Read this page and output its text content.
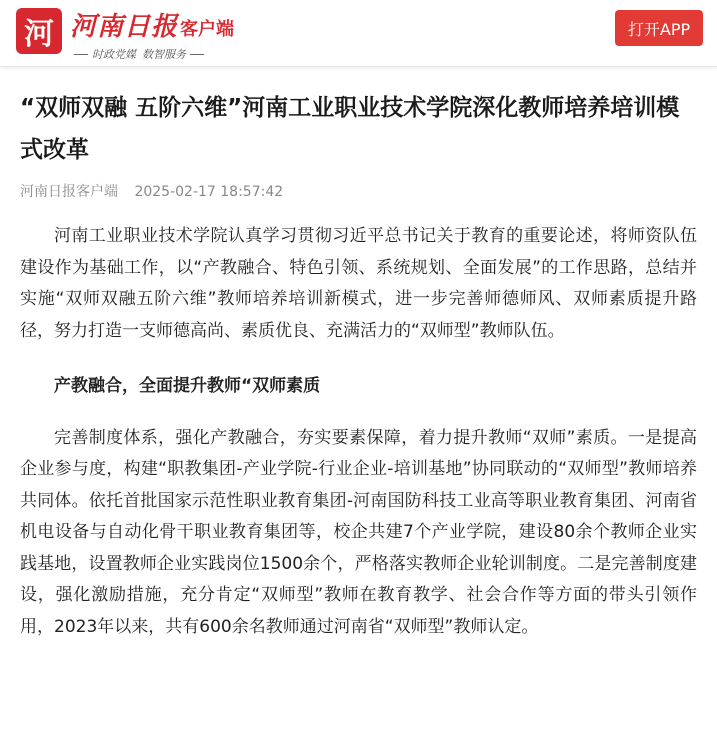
河 河南日报 客户端
时政党媒 数智服务
打开APP
“双师双融 五阶六维”河南工业职业技术学院深化教师培养培训模式改革
河南日报客户端 2025-02-17 18:57:42

河南工业职业技术学院认真学习贯彻习近平总书记关于教育的重要论述，将师资队伍建设作为基础工作，以“产教融合、特色引领、系统规划、全面发展”的工作思路，总结并实施“双师双融五阶六维”教师培养培训新模式，进一步完善师德师风、双师素质提升路径，努力打造一支师德高尚、素质优良、充满活力的“双师型”教师队伍。

产教融合，全面提升教师“双师素质

完善制度体系，强化产教融合，夯实要素保障，着力提升教师“双师”素质。一是提高企业参与度，构建“职教集团-产业学院-行业企业-培训基地”协同联动的“双师型”教师培养共同体。依托首批国家示范性职业教育集团-河南国防科技工业高等职业教育集团、河南省机电设备与自动化骨干职业教育集团等，校企共建7个产业学院，建设80余个教师企业实践基地，设置教师企业实践岗位1500余个，严格落实教师企业轮训制度。二是完善制度建设，强化激励措施，充分肯定“双师型”教师在教育教学、社会合作等方面的带头引领作用，2023年以来，共有600余名教师通过河南省“双师型”教师认定。
